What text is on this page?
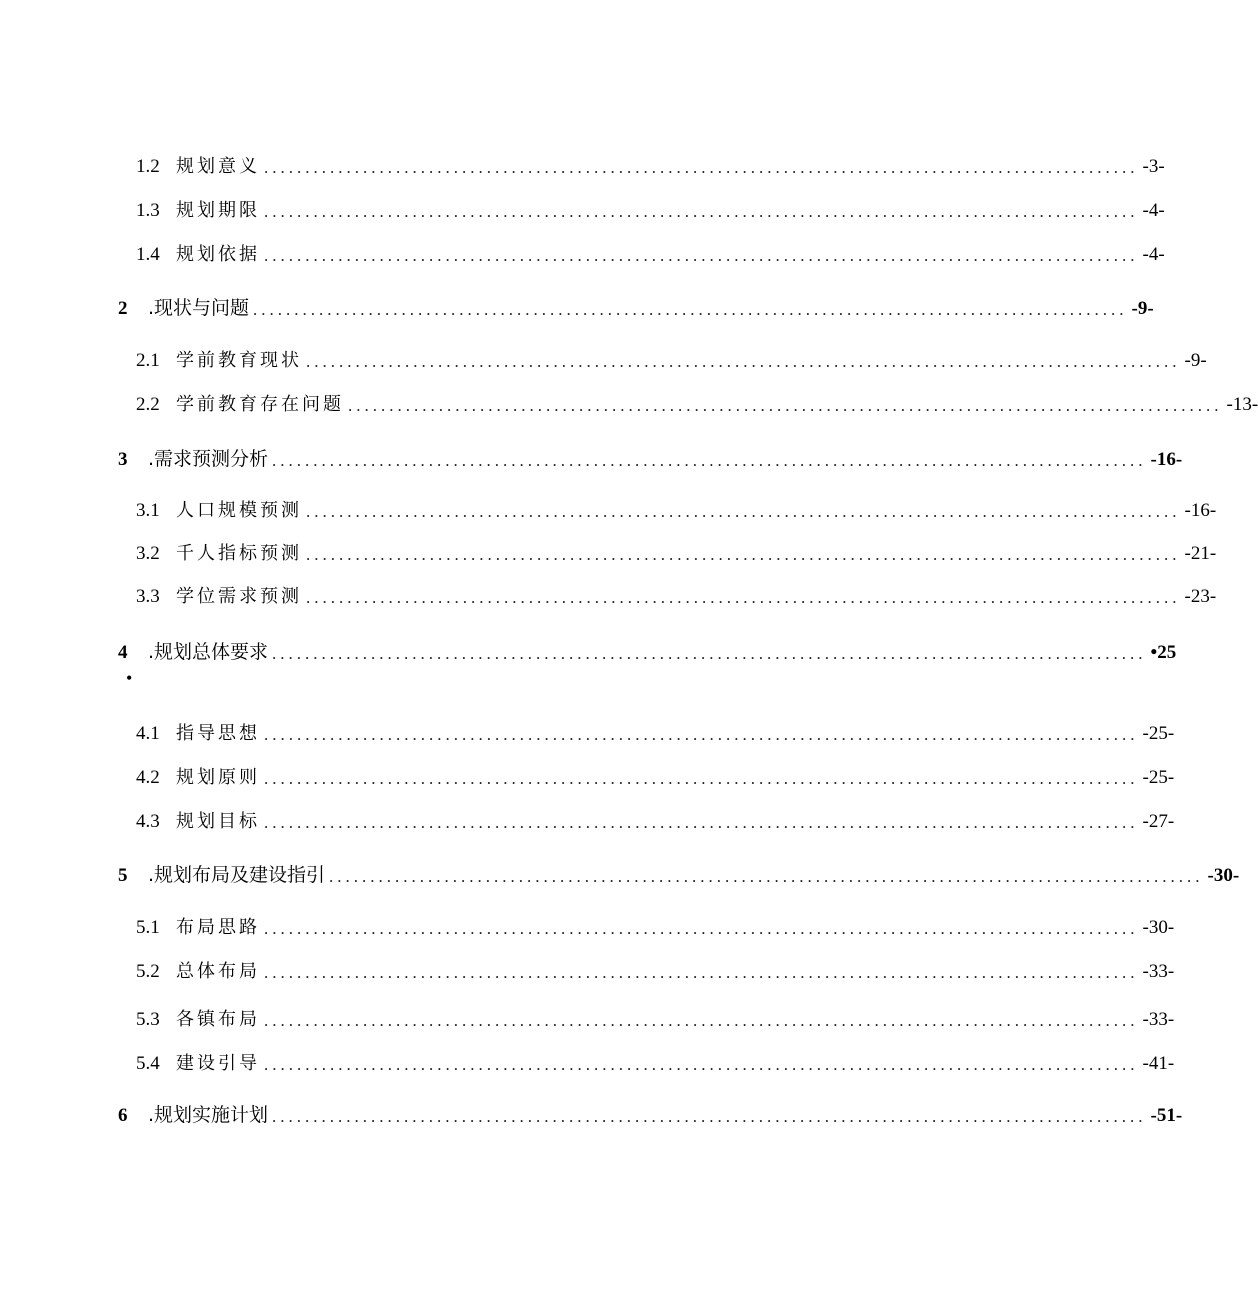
1.2 规划意义 .......................................................................................................... -3-
1.3 规划期限 .......................................................................................................... -4-
1.4 规划依据 .......................................................................................................... -4-
2	.现状与问题 .......................................................................................................... -9-
2.1 学前教育现状 .......................................................................................................... -9-
2.2 学前教育存在问题 .......................................................................................................... -13-
3	.需求预测分析 .......................................................................................................... -16-
3.1 人口规模预测 .......................................................................................................... -16-
3.2 千人指标预测 .......................................................................................................... -21-
3.3 学位需求预测 .......................................................................................................... -23-
4	.规划总体要求 .......................................................................................................... •25
•
4.1 指导思想 .......................................................................................................... -25-
4.2 规划原则 .......................................................................................................... -25-
4.3 规划目标 .......................................................................................................... -27-
5	.规划布局及建设指引 .......................................................................................................... -30-
5.1 布局思路 .......................................................................................................... -30-
5.2 总体布局 .......................................................................................................... -33-
5.3 各镇布局 .......................................................................................................... -33-
5.4 建设引导 .......................................................................................................... -41-
6	.规划实施计划 .......................................................................................................... -51-
